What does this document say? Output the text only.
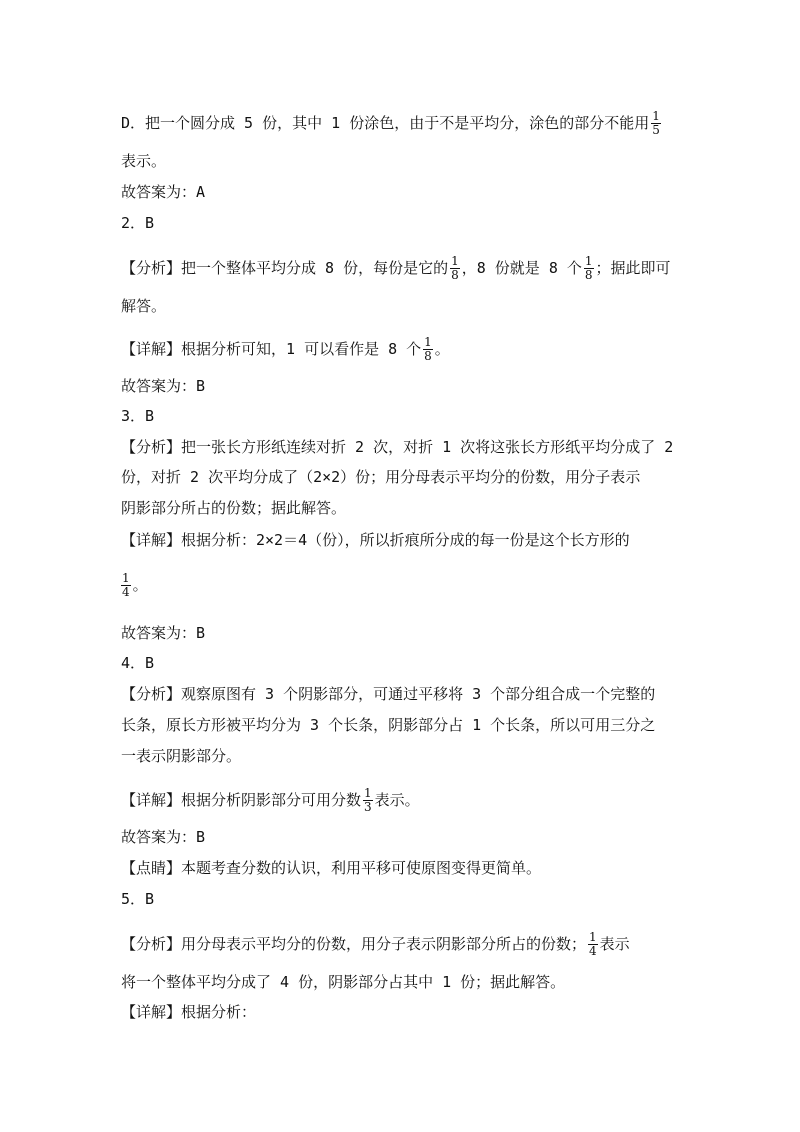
D．把一个圆分成 5 份，其中 1 份涂色，由于不是平均分，涂色的部分不能用 $\frac{1}{5}$
表示。
故答案为：A
2．B
【分析】把一个整体平均分成 8 份，每份是它的 $\frac{1}{8}$ ，8 份就是 8 个 $\frac{1}{8}$ ；据此即可
解答。
【详解】根据分析可知，1 可以看作是 8 个 $\frac{1}{8}$ 。
故答案为：B
3．B
【分析】把一张长方形纸连续对折 2 次，对折 1 次将这张长方形纸平均分成了 2
份，对折 2 次平均分成了（2×2）份；用分母表示平均分的份数，用分子表示
阴影部分所占的份数；据此解答。
【详解】根据分析：2×2＝4（份），所以折痕所分成的每一份是这个长方形的
$\frac{1}{4}$ 。
故答案为：B
4．B
【分析】观察原图有 3 个阴影部分，可通过平移将 3 个部分组合成一个完整的
长条，原长方形被平均分为 3 个长条，阴影部分占 1 个长条，所以可用三分之
一表示阴影部分。
【详解】根据分析阴影部分可用分数 $\frac{1}{3}$ 表示。
故答案为：B
【点睛】本题考查分数的认识，利用平移可使原图变得更简单。
5．B
【分析】用分母表示平均分的份数，用分子表示阴影部分所占的份数； $\frac{1}{4}$ 表示
将一个整体平均分成了 4 份，阴影部分占其中 1 份；据此解答。
【详解】根据分析：
